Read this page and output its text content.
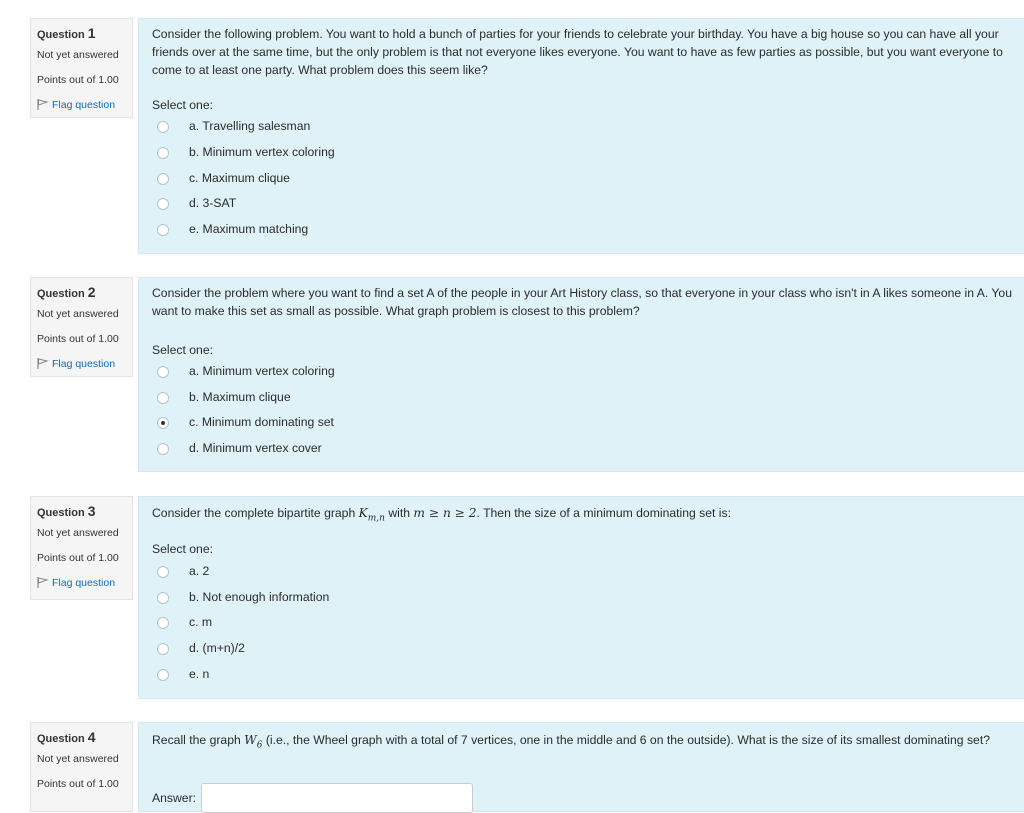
Question 1
Not yet answered
Points out of 1.00
Flag question
Consider the following problem. You want to hold a bunch of parties for your friends to celebrate your birthday. You have a big house so you can have all your friends over at the same time, but the only problem is that not everyone likes everyone. You want to have as few parties as possible, but you want everyone to come to at least one party. What problem does this seem like?
Select one:
a. Travelling salesman
b. Minimum vertex coloring
c. Maximum clique
d. 3-SAT
e. Maximum matching
Question 2
Not yet answered
Points out of 1.00
Flag question
Consider the problem where you want to find a set A of the people in your Art History class, so that everyone in your class who isn't in A likes someone in A. You want to make this set as small as possible. What graph problem is closest to this problem?
Select one:
a. Minimum vertex coloring
b. Maximum clique
c. Minimum dominating set
d. Minimum vertex cover
Question 3
Not yet answered
Points out of 1.00
Flag question
Consider the complete bipartite graph $K_{m,n}$ with m ≥ n ≥ 2. Then the size of a minimum dominating set is:
Select one:
a. 2
b. Not enough information
c. m
d. (m+n)/2
e. n
Question 4
Not yet answered
Points out of 1.00
Recall the graph $W_6$ (i.e., the Wheel graph with a total of 7 vertices, one in the middle and 6 on the outside). What is the size of its smallest dominating set?
Answer:
